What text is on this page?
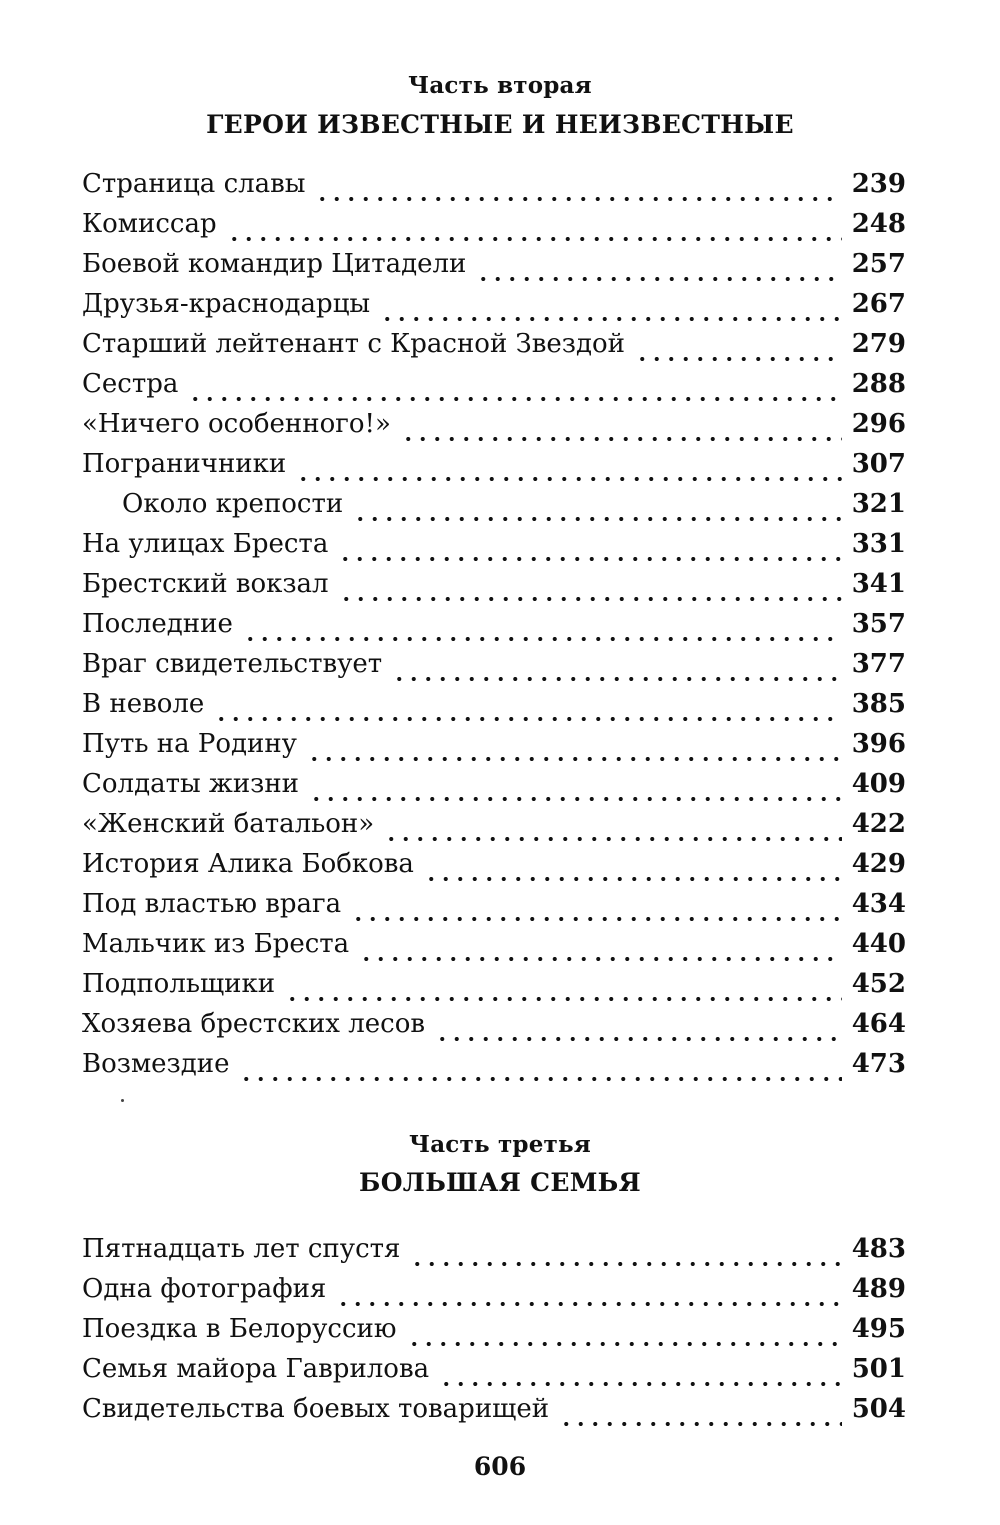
Часть вторая
ГЕРОИ ИЗВЕСТНЫЕ И НЕИЗВЕСТНЫЕ
Страница славы	239
Комиссар	248
Боевой командир Цитадели	257
Друзья-краснодарцы	267
Старший лейтенант с Красной Звездой	279
Сестра	288
«Ничего особенного!»	296
Пограничники	307
Около крепости	321
На улицах Бреста	331
Брестский вокзал	341
Последние	357
Враг свидетельствует	377
В неволе	385
Путь на Родину	396
Солдаты жизни	409
«Женский батальон»	422
История Алика Бобкова	429
Под властью врага	434
Мальчик из Бреста	440
Подпольщики	452
Хозяева брестских лесов	464
Возмездие	473
Часть третья
БОЛЬШАЯ СЕМЬЯ
Пятнадцать лет спустя	483
Одна фотография	489
Поездка в Белоруссию	495
Семья майора Гаврилова	501
Свидетельства боевых товарищей	504
606
